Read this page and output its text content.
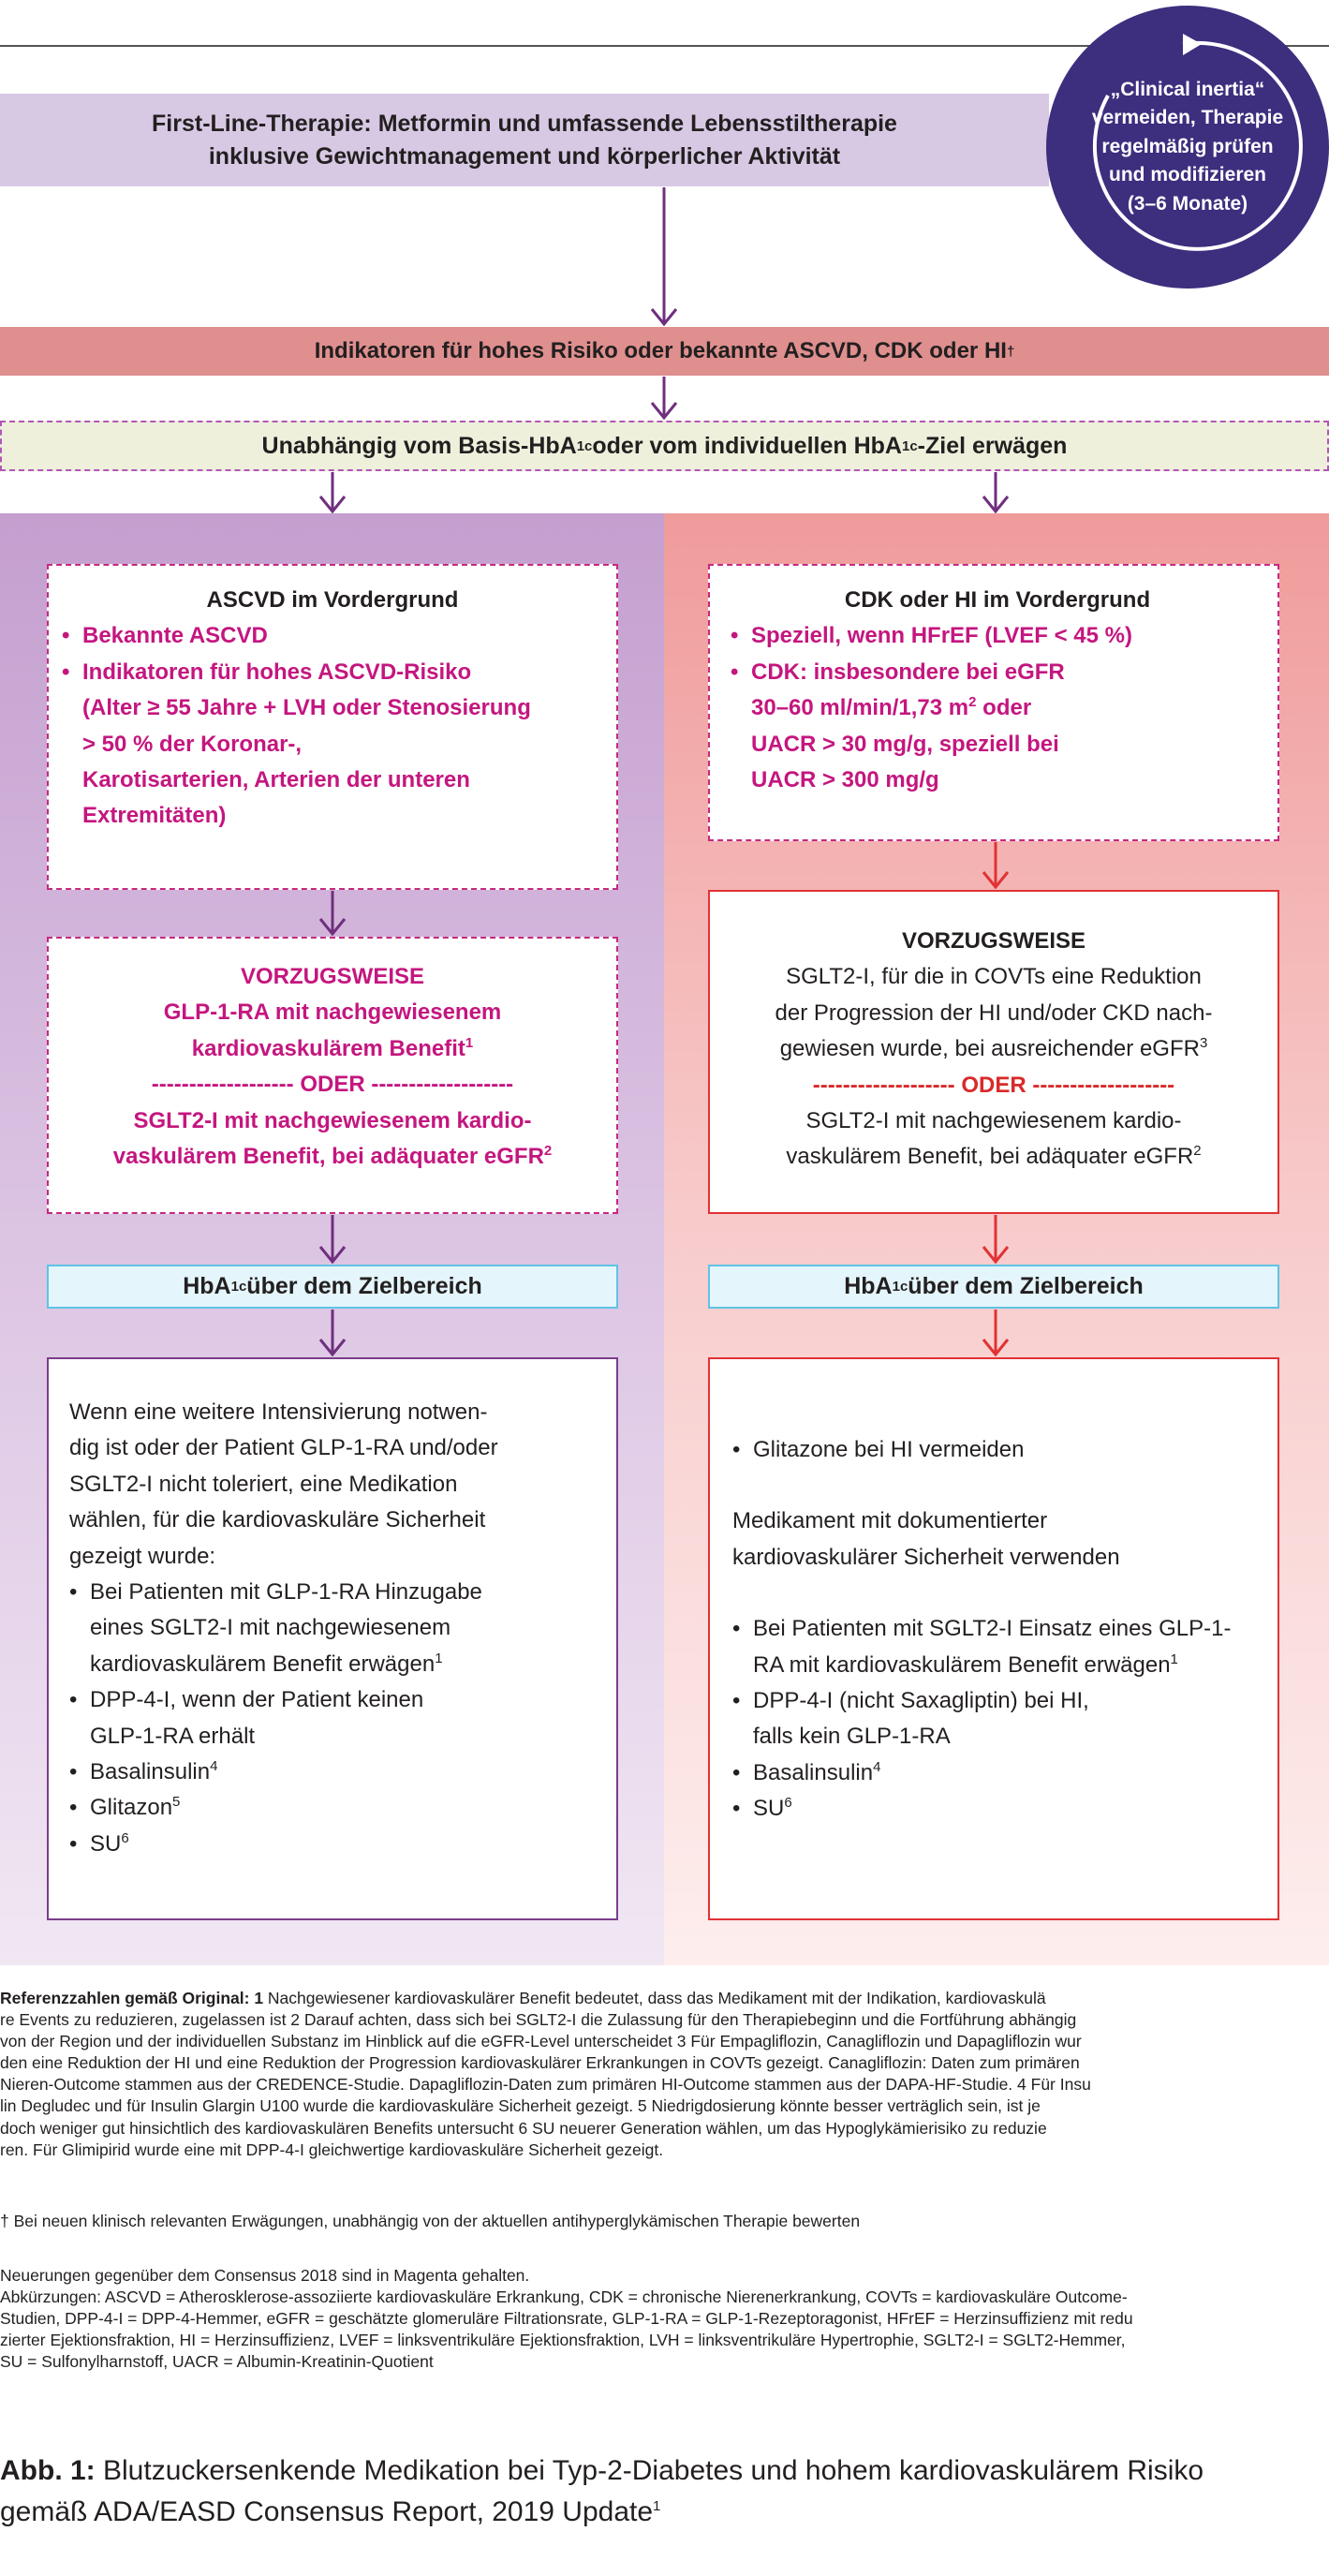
First-Line-Therapie: Metformin und umfassende Lebensstiltherapie
inklusive Gewichtmanagement und körperlicher Aktivität
„Clinical inertia“
vermeiden, Therapie
regelmäßig prüfen
und modifizieren
(3–6 Monate)
Indikatoren für hohes Risiko oder bekannte ASCVD, CDK oder HI †
Unabhängig vom Basis-HbA 1c oder vom individuellen HbA 1c -Ziel erwägen
ASCVD im Vordergrund
• Bekannte ASCVD
• Indikatoren für hohes ASCVD-Risiko
(Alter ≥ 55 Jahre + LVH oder Stenosierung
> 50 % der Koronar-,
Karotisarterien, Arterien der unteren
Extremitäten)
VORZUGSWEISE
GLP-1-RA mit nachgewiesenem
kardiovaskulärem Benefit$^1$
------------------- ODER -------------------
SGLT2-I mit nachgewiesenem kardio-
vaskulärem Benefit, bei adäquater eGFR$^2$
HbA 1c über dem Zielbereich
Wenn eine weitere Intensivierung notwen-
dig ist oder der Patient GLP-1-RA und/oder
SGLT2-I nicht toleriert, eine Medikation
wählen, für die kardiovaskuläre Sicherheit
gezeigt wurde:
• Bei Patienten mit GLP-1-RA Hinzugabe
eines SGLT2-I mit nachgewiesenem
kardiovaskulärem Benefit erwägen$^1$
• DPP-4-I, wenn der Patient keinen
GLP-1-RA erhält
• Basalinsulin$^4$
• Glitazon$^5$
• $SU^6$
CDK oder HI im Vordergrund
• Speziell, wenn HFrEF (LVEF < 45 %)
• CDK: insbesondere bei eGFR
30–60 ml/min/1,73 $m^2$ oder
UACR > 30 mg/g, speziell bei
UACR > 300 mg/g
VORZUGSWEISE
SGLT2-I, für die in COVTs eine Reduktion
der Progression der HI und/oder CKD nach-
gewiesen wurde, bei ausreichender eGFR$^3$
------------------- ODER -------------------
SGLT2-I mit nachgewiesenem kardio-
vaskulärem Benefit, bei adäquater eGFR$^2$
HbA 1c über dem Zielbereich
• Glitazone bei HI vermeiden
Medikament mit dokumentierter
kardiovaskulärer Sicherheit verwenden
• Bei Patienten mit SGLT2-I Einsatz eines GLP-1-
RA mit kardiovaskulärem Benefit erwägen$^1$
• DPP-4-I (nicht Saxagliptin) bei HI,
falls kein GLP-1-RA
• Basalinsulin$^4$
• $SU^6$
Referenzzahlen gemäß Original: 1 Nachgewiesener kardiovaskulärer Benefit bedeutet, dass das Medikament mit der Indikation, kardiovaskulä
re Events zu reduzieren, zugelassen ist 2 Darauf achten, dass sich bei SGLT2-I die Zulassung für den Therapiebeginn und die Fortführung abhängig
von der Region und der individuellen Substanz im Hinblick auf die eGFR-Level unterscheidet 3 Für Empagliflozin, Canagliflozin und Dapagliflozin wur
den eine Reduktion der HI und eine Reduktion der Progression kardiovaskulärer Erkrankungen in COVTs gezeigt. Canagliflozin: Daten zum primären
Nieren-Outcome stammen aus der CREDENCE-Studie. Dapagliflozin-Daten zum primären HI-Outcome stammen aus der DAPA-HF-Studie. 4 Für Insu
lin Degludec und für Insulin Glargin U100 wurde die kardiovaskuläre Sicherheit gezeigt. 5 Niedrigdosierung könnte besser verträglich sein, ist je
doch weniger gut hinsichtlich des kardiovaskulären Benefits untersucht 6 SU neuerer Generation wählen, um das Hypoglykämierisiko zu reduzie
ren. Für Glimipirid wurde eine mit DPP-4-I gleichwertige kardiovaskuläre Sicherheit gezeigt.
† Bei neuen klinisch relevanten Erwägungen, unabhängig von der aktuellen antihyperglykämischen Therapie bewerten
Neuerungen gegenüber dem Consensus 2018 sind in Magenta gehalten.
Abkürzungen: ASCVD = Atherosklerose-assoziierte kardiovaskuläre Erkrankung, CDK = chronische Nierenerkrankung, COVTs = kardiovaskuläre Outcome-
Studien, DPP-4-I = DPP-4-Hemmer, eGFR = geschätzte glomeruläre Filtrationsrate, GLP-1-RA = GLP-1-Rezeptoragonist, HFrEF = Herzinsuffizienz mit redu
zierter Ejektionsfraktion, HI = Herzinsuffizienz, LVEF = linksventrikuläre Ejektionsfraktion, LVH = linksventrikuläre Hypertrophie, SGLT2-I = SGLT2-Hemmer,
SU = Sulfonylharnstoff, UACR = Albumin-Kreatinin-Quotient
Abb. 1: Blutzuckersenkende Medikation bei Typ-2-Diabetes und hohem kardiovaskulärem Risiko
gemäß ADA/EASD Consensus Report, 2019 Update$^1$
